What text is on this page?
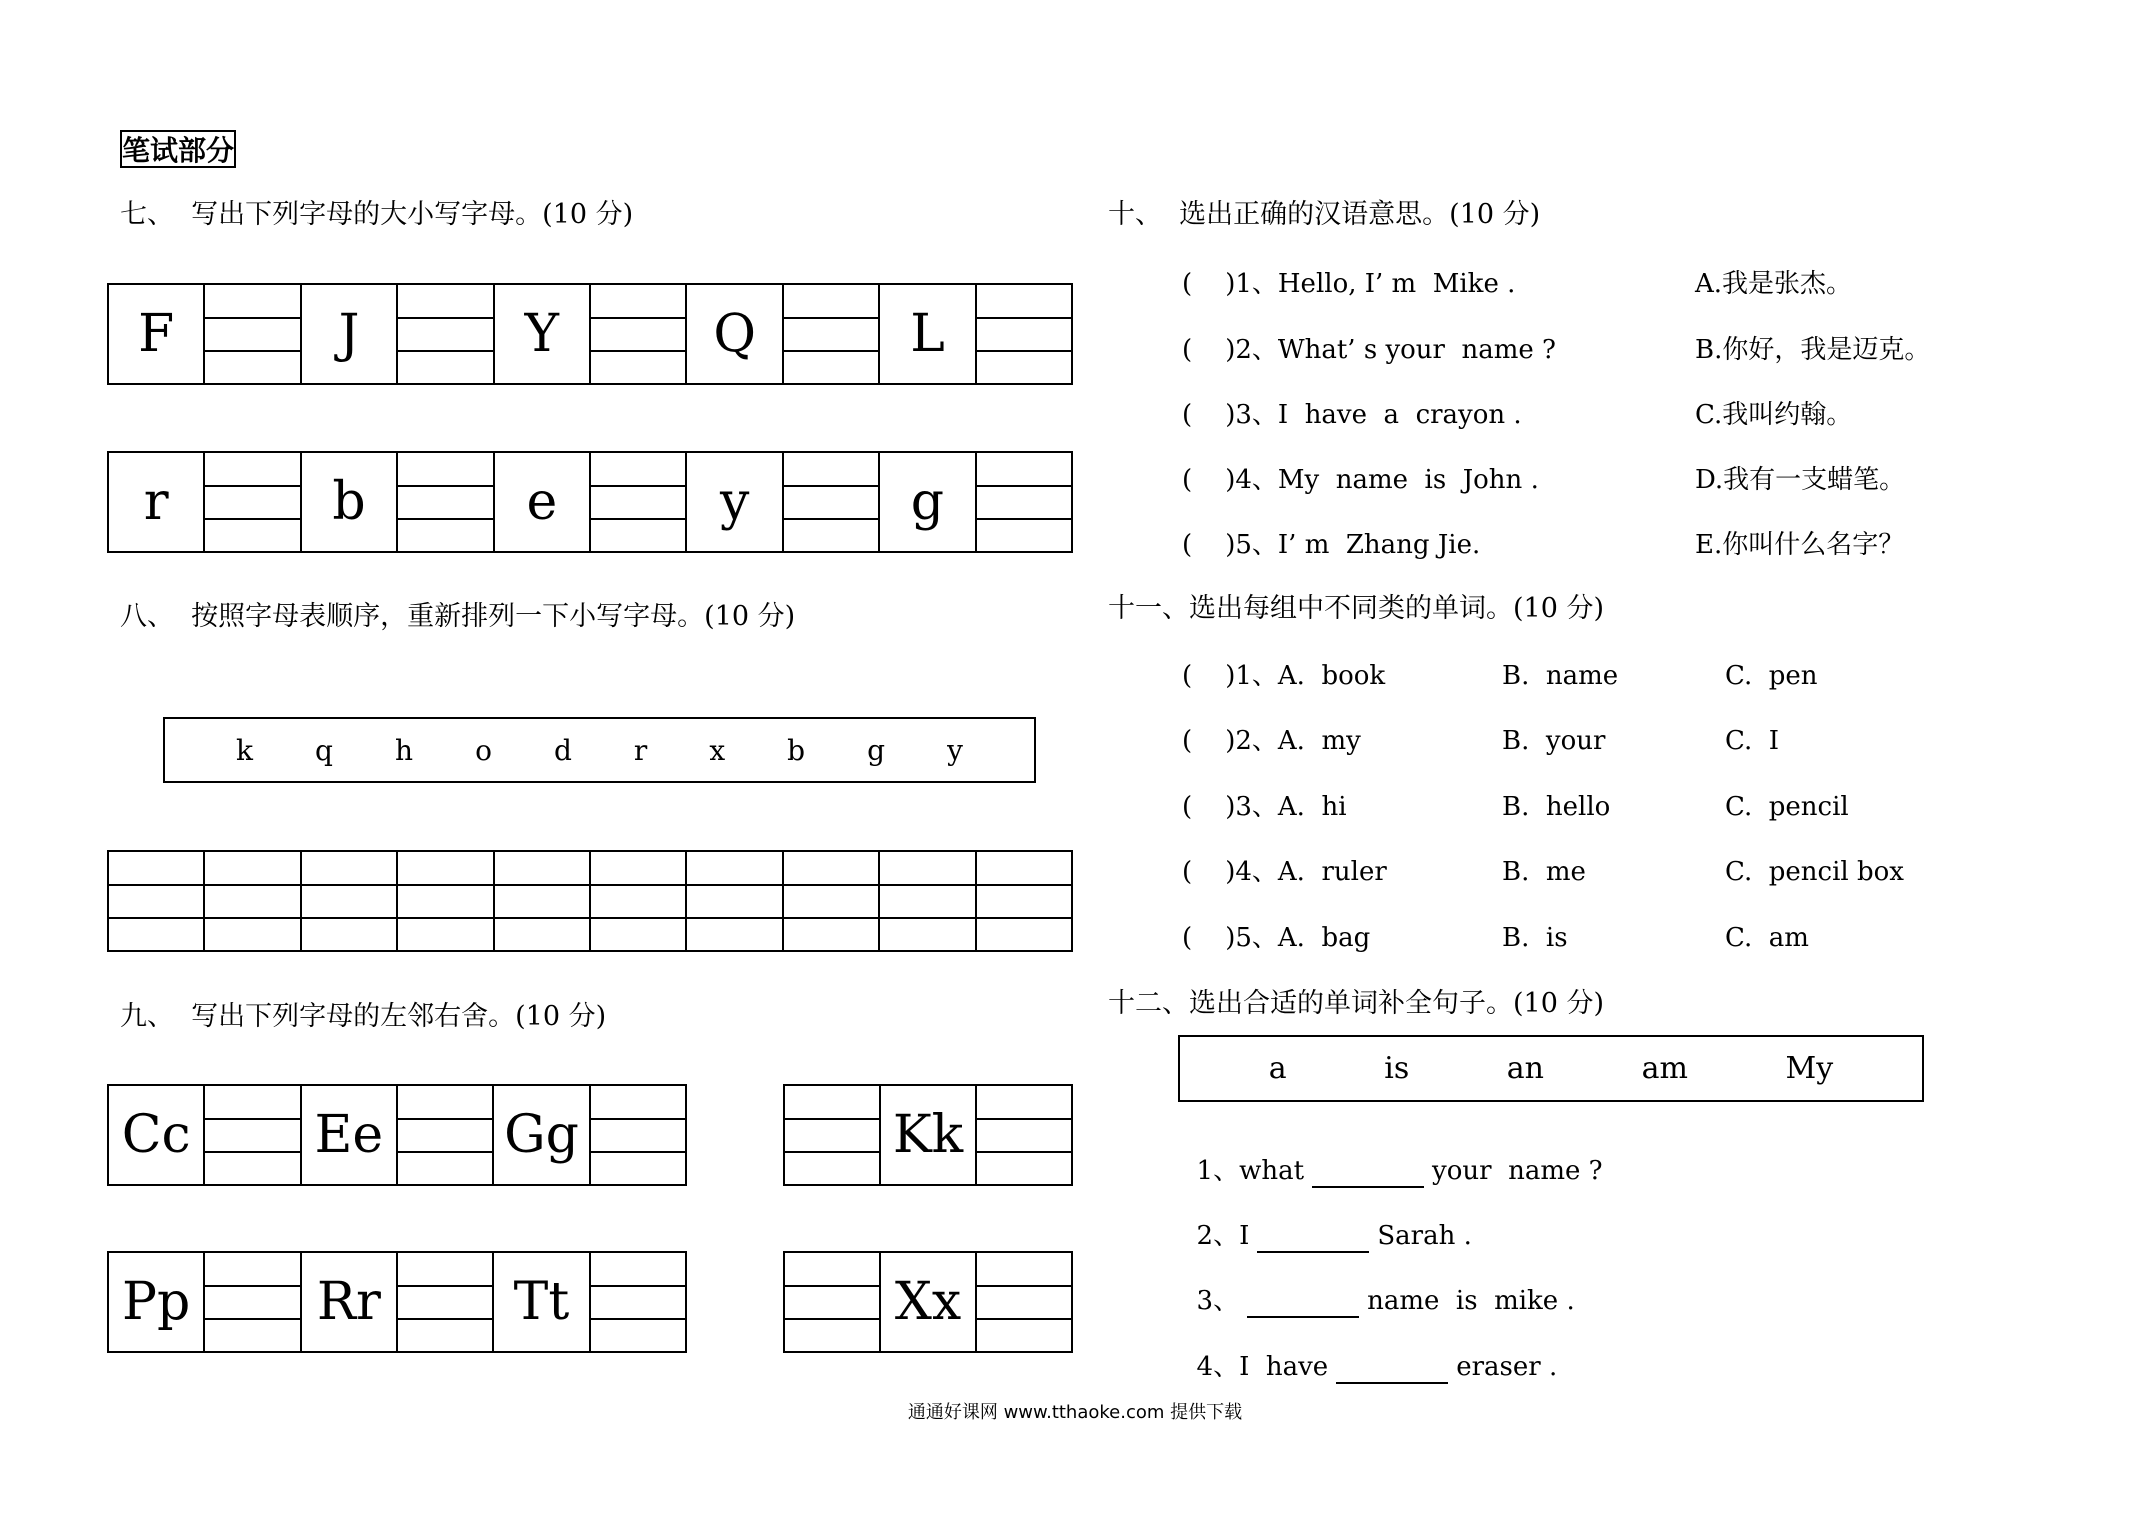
笔试部分
七、  写出下列字母的大小写字母。(10 分)
F	J	Y	Q	L
r	b	e	y	g
八、  按照字母表顺序，重新排列一下小写字母。(10 分)
k q h o d r x b g y
九、  写出下列字母的左邻右舍。(10 分)
Cc Ee Gg	Kk
Pp Rr	Tt	Xx
十、  选出正确的汉语意思。(10 分)
(    )1、Hello, I’ m  Mike .	A.我是张杰。
(    )2、What’ s your  name ?	B.你好，我是迈克。
(    )3、I  have  a  crayon .	C.我叫约翰。
(    )4、My  name  is  John .	D.我有一支蜡笔。
(    )5、I’ m  Zhang Jie.	E.你叫什么名字？
十一、选出每组中不同类的单词。(10 分)
(    )1、A.  book	B.  name	C.  pen
(    )2、A.  my	B.  your	C.  I
(    )3、A.  hi	B.  hello	C.  pencil
(    )4、A.  ruler	B.  me	C.  pencil box
(    )5、A.  bag	B.  is	C.  am
十二、选出合适的单词补全句子。(10 分)
a	is	an	am	My

1、what	your  name ?

2、I	Sarah .

3、	name  is  mike .

4、I  have	eraser .

通通好课网 www.tthaoke.com 提供下载
